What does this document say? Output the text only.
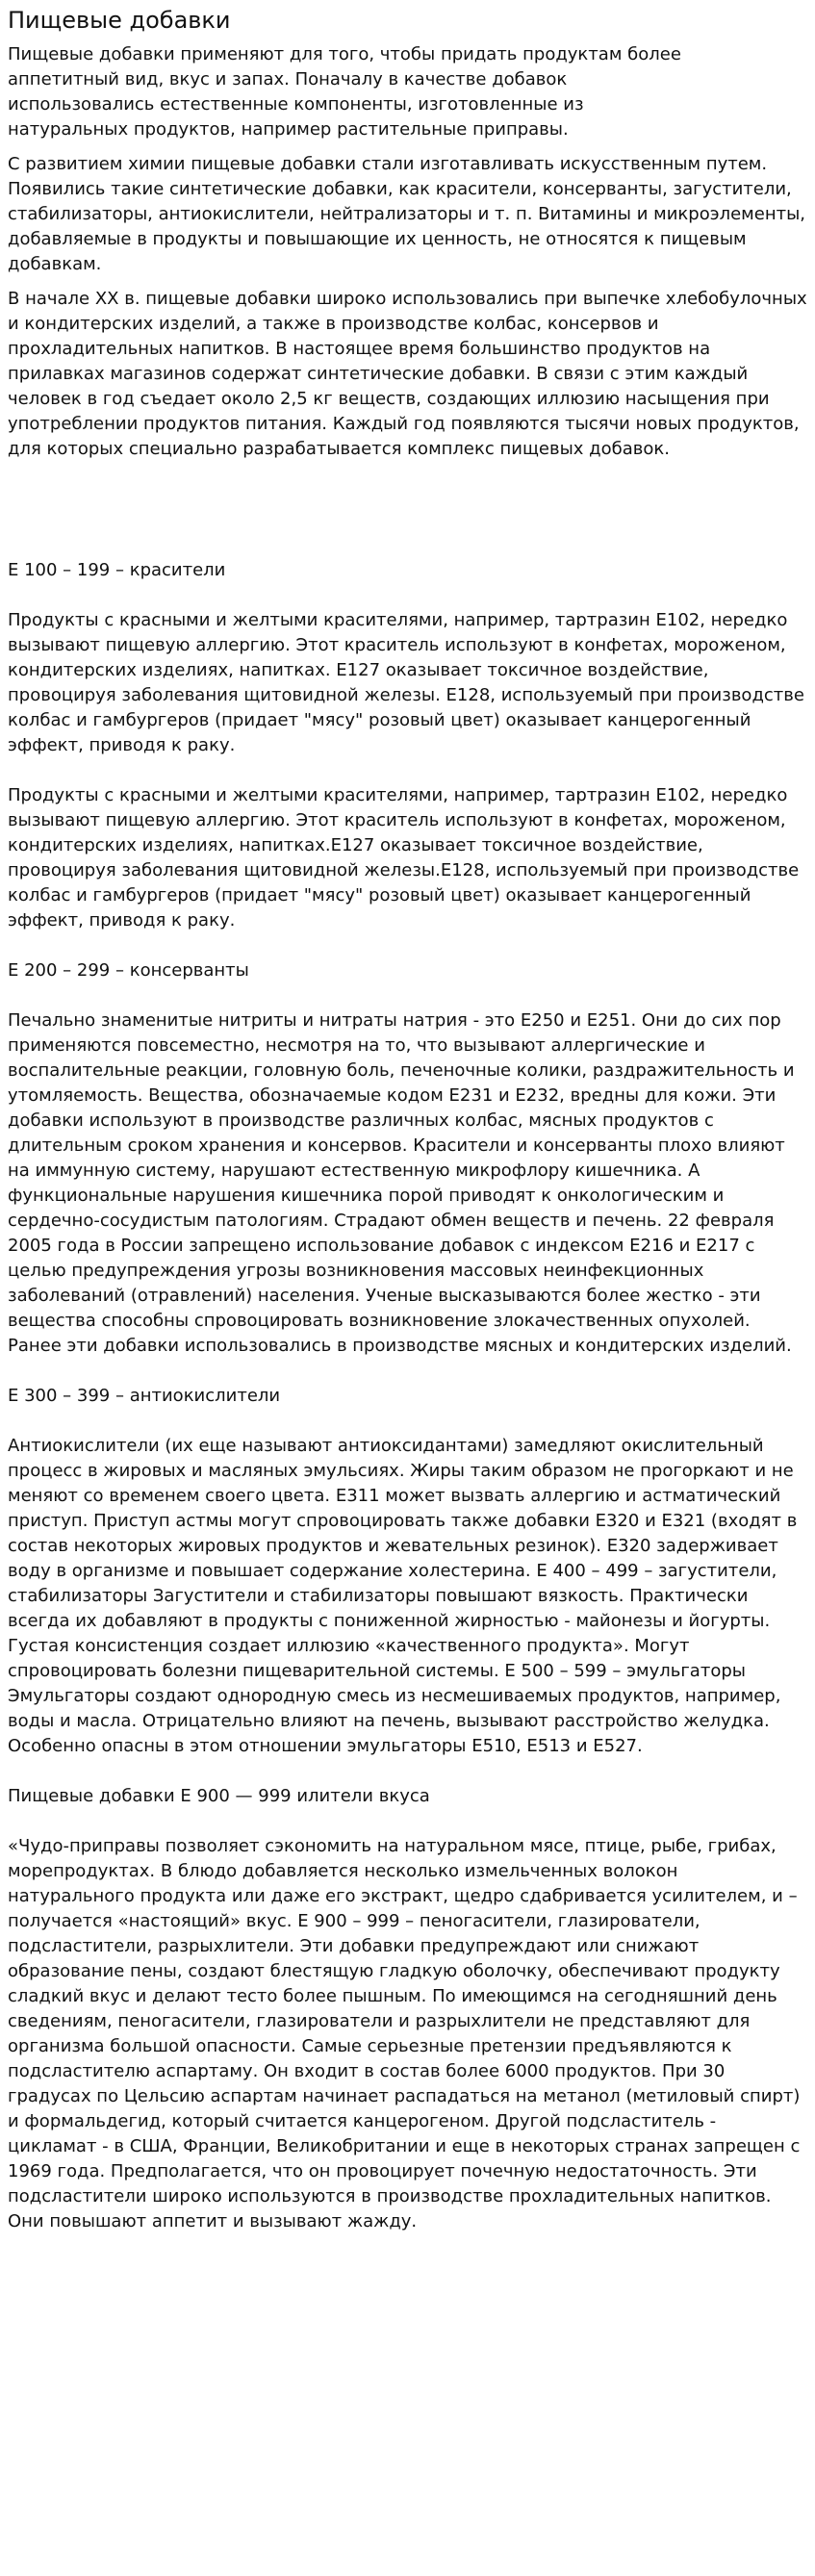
Пищевые добавки

Пищевые добавки применяют для того, чтобы придать продуктам более аппетитный вид, вкус и запах. Поначалу в качестве добавок использовались естественные компоненты, изготовленные из натуральных продуктов, например растительные приправы.

С развитием химии пищевые добавки стали изготавливать искусственным путем. Появились такие синтетические добавки, как красители, консерванты, загустители, стабилизаторы, антиокислители, нейтрализаторы и т. п. Витамины и микроэлементы, добавляемые в продукты и повышающие их ценность, не относятся к пищевым добавкам.

В начале XX в. пищевые добавки широко использовались при выпечке хлебобулочных и кондитерских изделий, а также в производстве колбас, консервов и прохладительных напитков. В настоящее время большинство продуктов на прилавках магазинов содержат синтетические добавки. В связи с этим каждый человек в год съедает около 2,5 кг веществ, создающих иллюзию насыщения при употреблении продуктов питания. Каждый год появляются тысячи новых продуктов, для которых специально разрабатывается комплекс пищевых добавок.

Е 100 – 199 – красители

Продукты с красными и желтыми красителями, например, тартразин Е102, нередко вызывают пищевую аллергию. Этот краситель используют в конфетах, мороженом, кондитерских изделиях, напитках. Е127 оказывает токсичное воздействие, провоцируя заболевания щитовидной железы. Е128, используемый при производстве колбас и гамбургеров (придает "мясу" розовый цвет) оказывает канцерогенный эффект, приводя к раку.

Продукты с красными и желтыми красителями, например, тартразин Е102, нередко вызывают пищевую аллергию. Этот краситель используют в конфетах, мороженом, кондитерских изделиях, напитках.Е127 оказывает токсичное воздействие, провоцируя заболевания щитовидной железы.Е128, используемый при производстве колбас и гамбургеров (придает "мясу" розовый цвет) оказывает канцерогенный эффект, приводя к раку.

Е 200 – 299 – консерванты

Печально знаменитые нитриты и нитраты натрия - это Е250 и Е251. Они до сих пор применяются повсеместно, несмотря на то, что вызывают аллергические и воспалительные реакции, головную боль, печеночные колики, раздражительность и утомляемость. Вещества, обозначаемые кодом Е231 и Е232, вредны для кожи. Эти добавки используют в производстве различных колбас, мясных продуктов с длительным сроком хранения и консервов. Красители и консерванты плохо влияют на иммунную систему, нарушают естественную микрофлору кишечника. А функциональные нарушения кишечника порой приводят к онкологическим и сердечно-сосудистым патологиям. Страдают обмен веществ и печень. 22 февраля 2005 года в России запрещено использование добавок с индексом Е216 и Е217 с целью предупреждения угрозы возникновения массовых неинфекционных заболеваний (отравлений) населения. Ученые высказываются более жестко - эти вещества способны спровоцировать возникновение злокачественных опухолей. Ранее эти добавки использовались в производстве мясных и кондитерских изделий.

Е 300 – 399 – антиокислители

Антиокислители (их еще называют антиоксидантами) замедляют окислительный процесс в жировых и масляных эмульсиях. Жиры таким образом не прогоркают и не меняют со временем своего цвета. Е311 может вызвать аллергию и астматический приступ. Приступ астмы могут спровоцировать также добавки Е320 и Е321 (входят в состав некоторых жировых продуктов и жевательных резинок). Е320 задерживает воду в организме и повышает содержание холестерина. Е 400 – 499 – загустители, стабилизаторы Загустители и стабилизаторы повышают вязкость. Практически всегда их добавляют в продукты с пониженной жирностью - майонезы и йогурты. Густая консистенция создает иллюзию «качественного продукта». Могут спровоцировать болезни пищеварительной системы. Е 500 – 599 – эмульгаторы Эмульгаторы создают однородную смесь из несмешиваемых продуктов, например, воды и масла. Отрицательно влияют на печень, вызывают расстройство желудка. Особенно опасны в этом отношении эмульгаторы Е510, Е513 и Е527.

Пищевые добавки Е 900 — 999 илители вкуса

«Чудо-приправы позволяет сэкономить на натуральном мясе, птице, рыбе, грибах, морепродуктах. В блюдо добавляется несколько измельченных волокон натурального продукта или даже его экстракт, щедро сдабривается усилителем, и – получается «настоящий» вкус. Е 900 – 999 – пеногасители, глазирователи, подсластители, разрыхлители. Эти добавки предупреждают или снижают образование пены, создают блестящую гладкую оболочку, обеспечивают продукту сладкий вкус и делают тесто более пышным. По имеющимся на сегодняшний день сведениям, пеногасители, глазирователи и разрыхлители не представляют для организма большой опасности. Самые серьезные претензии предъявляются к подсластителю аспартаму. Он входит в состав более 6000 продуктов. При 30 градусах по Цельсию аспартам начинает распадаться на метанол (метиловый спирт) и формальдегид, который считается канцерогеном. Другой подсластитель - цикламат - в США, Франции, Великобритании и еще в некоторых странах запрещен с 1969 года. Предполагается, что он провоцирует почечную недостаточность. Эти подсластители широко используются в производстве прохладительных напитков. Они повышают аппетит и вызывают жажду.
